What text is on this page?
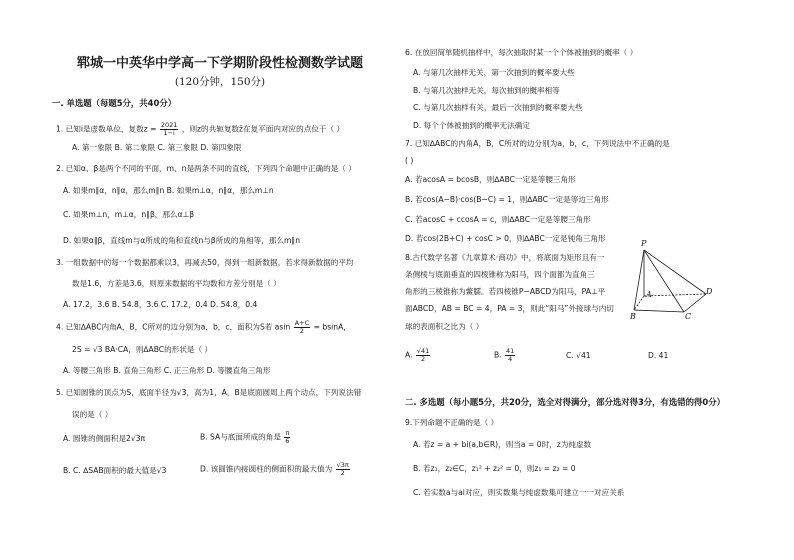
郓城一中英华中学高一下学期阶段性检测数学试题
(120分钟，150分)
一. 单选题（每题5分，共40分）
1. 已知i是虚数单位，复数$z = \frac{2021}{1-i}$ ，则z的共轭复数z̄在复平面内对应的点位于（ ）
A. 第一象限 B. 第二象限 C. 第三象限 D. 第四象限
2. 已知α、β是两个不同的平面，m、n是两条不同的直线，下列四个命题中正确的是（ ）
A. 如果m∥α，n∥α，那么m∥n B. 如果m⊥α，n∥α，那么m⊥n
C. 如果m⊥n，m⊥α，n∥β，那么α⊥β
D. 如果α∥β，直线m与α所成的角和直线n与β所成的角相等，那么m∥n
3. 一组数据中的每一个数据都乘以3，再减去50，得到一组新数据，若求得新数据的平均
数是1.6，方差是3.6，则原来数据的平均数和方差分别是（ ）
A. 17.2，3.6 B. 54.8，3.6 C. 17.2，0.4 D. 54.8，0.4
4. 已知∆ABC内角A，B，C所对的边分别为a，b，c，面积为S若 asin $\frac{A+C}{2} = bsinA$，
2S = √3 BA·CA，则∆ABC的形状是（ ）
A. 等腰三角形 B. 直角三角形 C. 正三角形 D. 等腰直角三角形
5. 已知圆锥的顶点为S，底面半径为√3，高为1，A，B是底面圆周上两个动点，下列说法错
误的是（ ）
A. 圆锥的侧面积是2√3π	B. SA与底面所成的角是 $\frac{\pi}{6}$
B. C. ∆SAB面积的最大值是√3	D. 该圆锥内接圆柱的侧面积的最大值为 $\frac{√3\pi}{2}$
6. 在放回简单随机抽样中，每次抽取时某一个个体被抽到的概率（ ）
A. 与第几次抽样无关，第一次抽到的概率要大些
B. 与第几次抽样无关，每次抽到的概率相等
C. 与第几次抽样有关，最后一次抽到的概率要大些
D. 每个个体被抽到的概率无法确定
7. 已知∆ABC的内角A，B，C所对的边分别为a，b，c，下列说法中不正确的是
( )
A. 若acosA = bcosB，则∆ABC一定是等腰三角形
B. 若cos(A−B)·cos(B−C) = 1，则∆ABC一定是等边三角形
C. 若acosC + ccosA = c，则∆ABC一定是等腰三角形
D. 若cos(2B+C) + cosC > 0，则∆ABC一定是钝角三角形
8.古代数学名著《九章算术·商功》中，将底面为矩形且有一
条侧棱与底面垂直的四棱锥称为阳马，四个面都为直角三
角形的三棱锥称为鳖臑。若四棱锥P−ABCD为阳马，PA⊥平
面ABCD，AB = BC = 4，PA = 3，则此“阳马”外接球与内切
球的表面积之比为（ ）
A. $\frac{√41}{2}$	B. $\frac{41}{4}$	C. √41	D. 41
P
A
B	C
D
二. 多选题（每小题5分，共20分，选全对得满分，部分选对得3分，有选错的得0分）
9.下列命题不正确的是（ ）
A. 若z = a + bi(a,b∈R)，则当a = 0时，z为纯虚数
B. 若z₁，z₂∈C，z₁² + z₂² = 0，则z₁ = z₂ = 0
C. 若实数a与ai对应，则实数集与纯虚数集可建立一一对应关系
